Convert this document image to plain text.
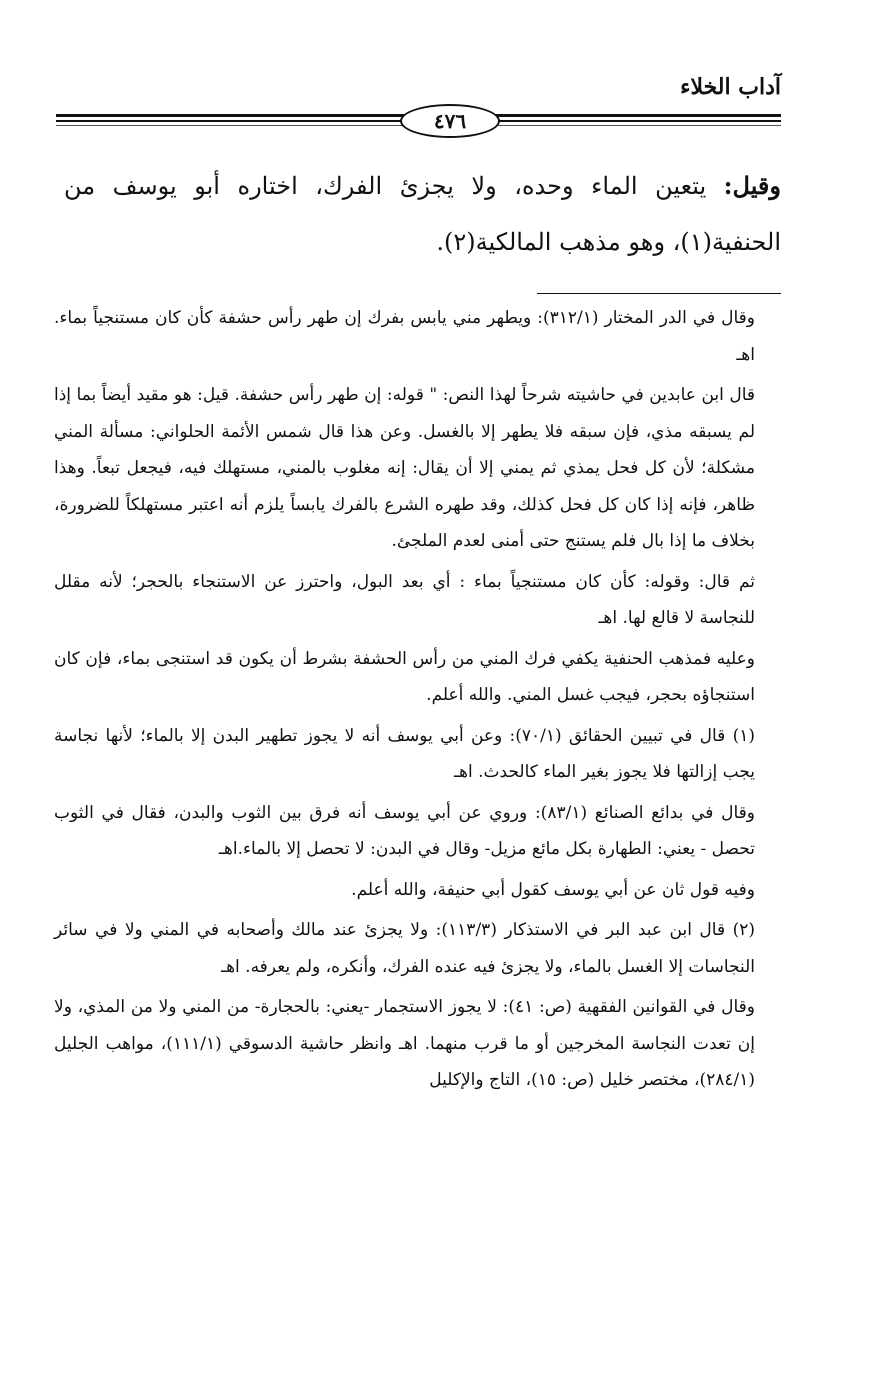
آداب الخلاء
٤٧٦
وقيل: يتعين الماء وحده، ولا يجزئ الفرك، اختاره أبو يوسف من الحنفية(١)، وهو مذهب المالكية(٢).

وقال في الدر المختار (٣١٢/١): ويطهر مني يابس بفرك إن طهر رأس حشفة كأن كان مستنجياً بماء. اهـ

قال ابن عابدين في حاشيته شرحاً لهذا النص: " قوله: إن طهر رأس حشفة. قيل: هو مقيد أيضاً بما إذا لم يسبقه مذي، فإن سبقه فلا يطهر إلا بالغسل. وعن هذا قال شمس الأئمة الحلواني: مسألة المني مشكلة؛ لأن كل فحل يمذي ثم يمني إلا أن يقال: إنه مغلوب بالمني، مستهلك فيه، فيجعل تبعاً. وهذا ظاهر، فإنه إذا كان كل فحل كذلك، وقد طهره الشرع بالفرك يابساً يلزم أنه اعتبر مستهلكاً للضرورة، بخلاف ما إذا بال فلم يستنج حتى أمنى لعدم الملجئ.

ثم قال: وقوله: كأن كان مستنجياً بماء : أي بعد البول، واحترز عن الاستنجاء بالحجر؛ لأنه مقلل للنجاسة لا قالع لها. اهـ

وعليه فمذهب الحنفية يكفي فرك المني من رأس الحشفة بشرط أن يكون قد استنجى بماء، فإن كان استنجاؤه بحجر، فيجب غسل المني. والله أعلم.

(١) قال في تبيين الحقائق (٧٠/١): وعن أبي يوسف أنه لا يجوز تطهير البدن إلا بالماء؛ لأنها نجاسة يجب إزالتها فلا يجوز بغير الماء كالحدث. اهـ

وقال في بدائع الصنائع (٨٣/١): وروي عن أبي يوسف أنه فرق بين الثوب والبدن، فقال في الثوب تحصل - يعني: الطهارة بكل مائع مزيل- وقال في البدن: لا تحصل إلا بالماء.اهـ

وفيه قول ثان عن أبي يوسف كقول أبي حنيفة، والله أعلم.

(٢) قال ابن عبد البر في الاستذكار (١١٣/٣): ولا يجزئ عند مالك وأصحابه في المني ولا في سائر النجاسات إلا الغسل بالماء، ولا يجزئ فيه عنده الفرك، وأنكره، ولم يعرفه. اهـ

وقال في القوانين الفقهية (ص: ٤١): لا يجوز الاستجمار -يعني: بالحجارة- من المني ولا من المذي، ولا إن تعدت النجاسة المخرجين أو ما قرب منهما. اهـ وانظر حاشية الدسوقي (١١١/١)، مواهب الجليل (٢٨٤/١)، مختصر خليل (ص: ١٥)، التاج والإكليل
